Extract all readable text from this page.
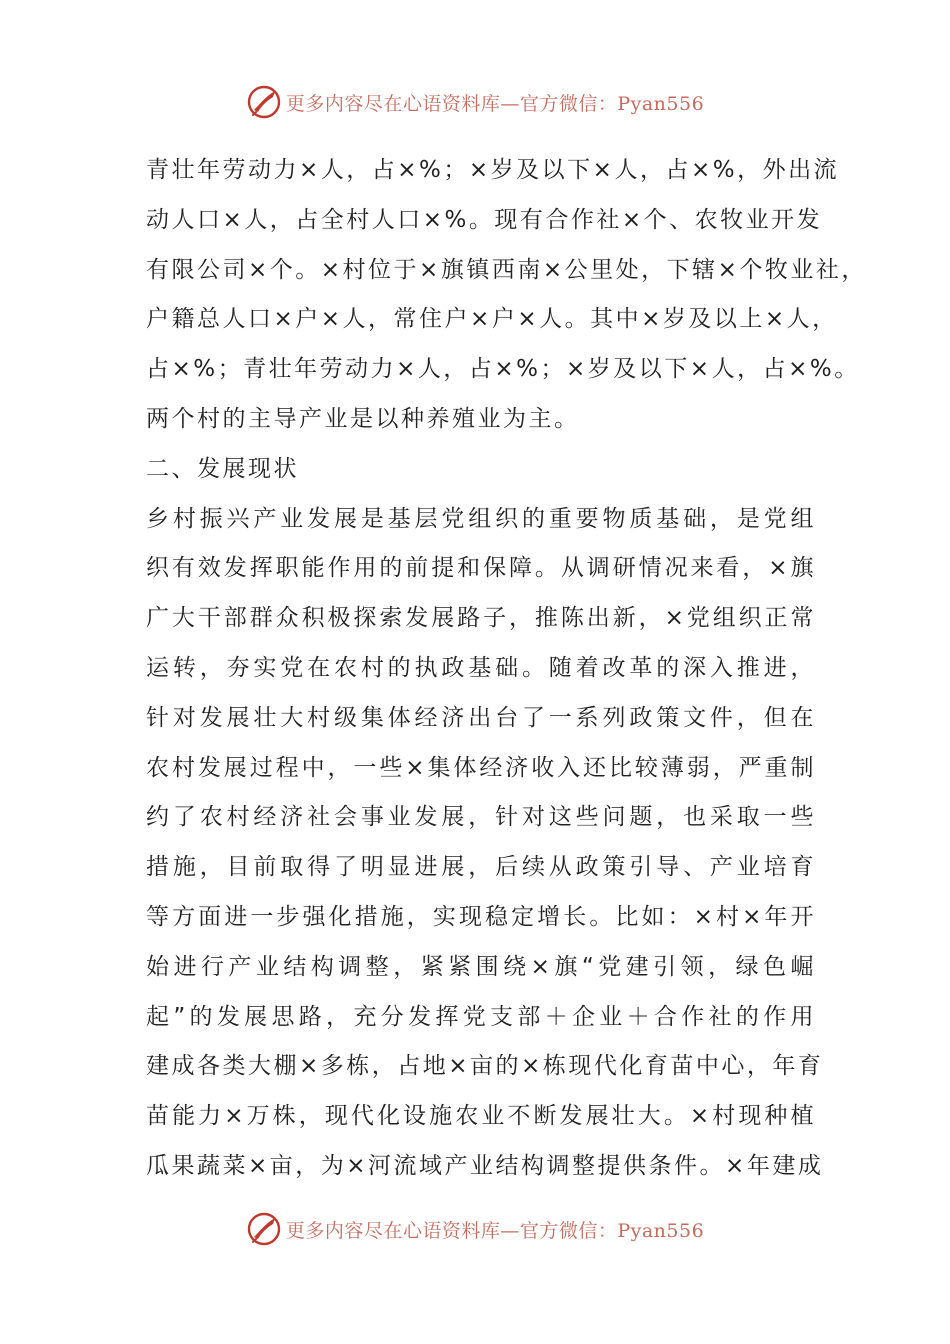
更多内容尽在心语资料库—官方微信：Pyan556
青壮年劳动力×人，占×%；×岁及以下×人，占×%，外出流
动人口×人，占全村人口×%。现有合作社×个、农牧业开发
有限公司×个。×村位于×旗镇西南×公里处，下辖×个牧业社，
户籍总人口×户×人，常住户×户×人。其中×岁及以上×人，
占×%；青壮年劳动力×人，占×%；×岁及以下×人，占×%。
两个村的主导产业是以种养殖业为主。
二、发展现状
乡村振兴产业发展是基层党组织的重要物质基础，是党组
织有效发挥职能作用的前提和保障。从调研情况来看，×旗
广大干部群众积极探索发展路子，推陈出新，×党组织正常
运转，夯实党在农村的执政基础。随着改革的深入推进，
针对发展壮大村级集体经济出台了一系列政策文件，但在
农村发展过程中，一些×集体经济收入还比较薄弱，严重制
约了农村经济社会事业发展，针对这些问题，也采取一些
措施，目前取得了明显进展，后续从政策引导、产业培育
等方面进一步强化措施，实现稳定增长。比如：×村×年开
始进行产业结构调整，紧紧围绕×旗“党建引领，绿色崛
起”的发展思路，充分发挥党支部＋企业＋合作社的作用
建成各类大棚×多栋，占地×亩的×栋现代化育苗中心，年育
苗能力×万株，现代化设施农业不断发展壮大。×村现种植
瓜果蔬菜×亩，为×河流域产业结构调整提供条件。×年建成
更多内容尽在心语资料库—官方微信：Pyan556
